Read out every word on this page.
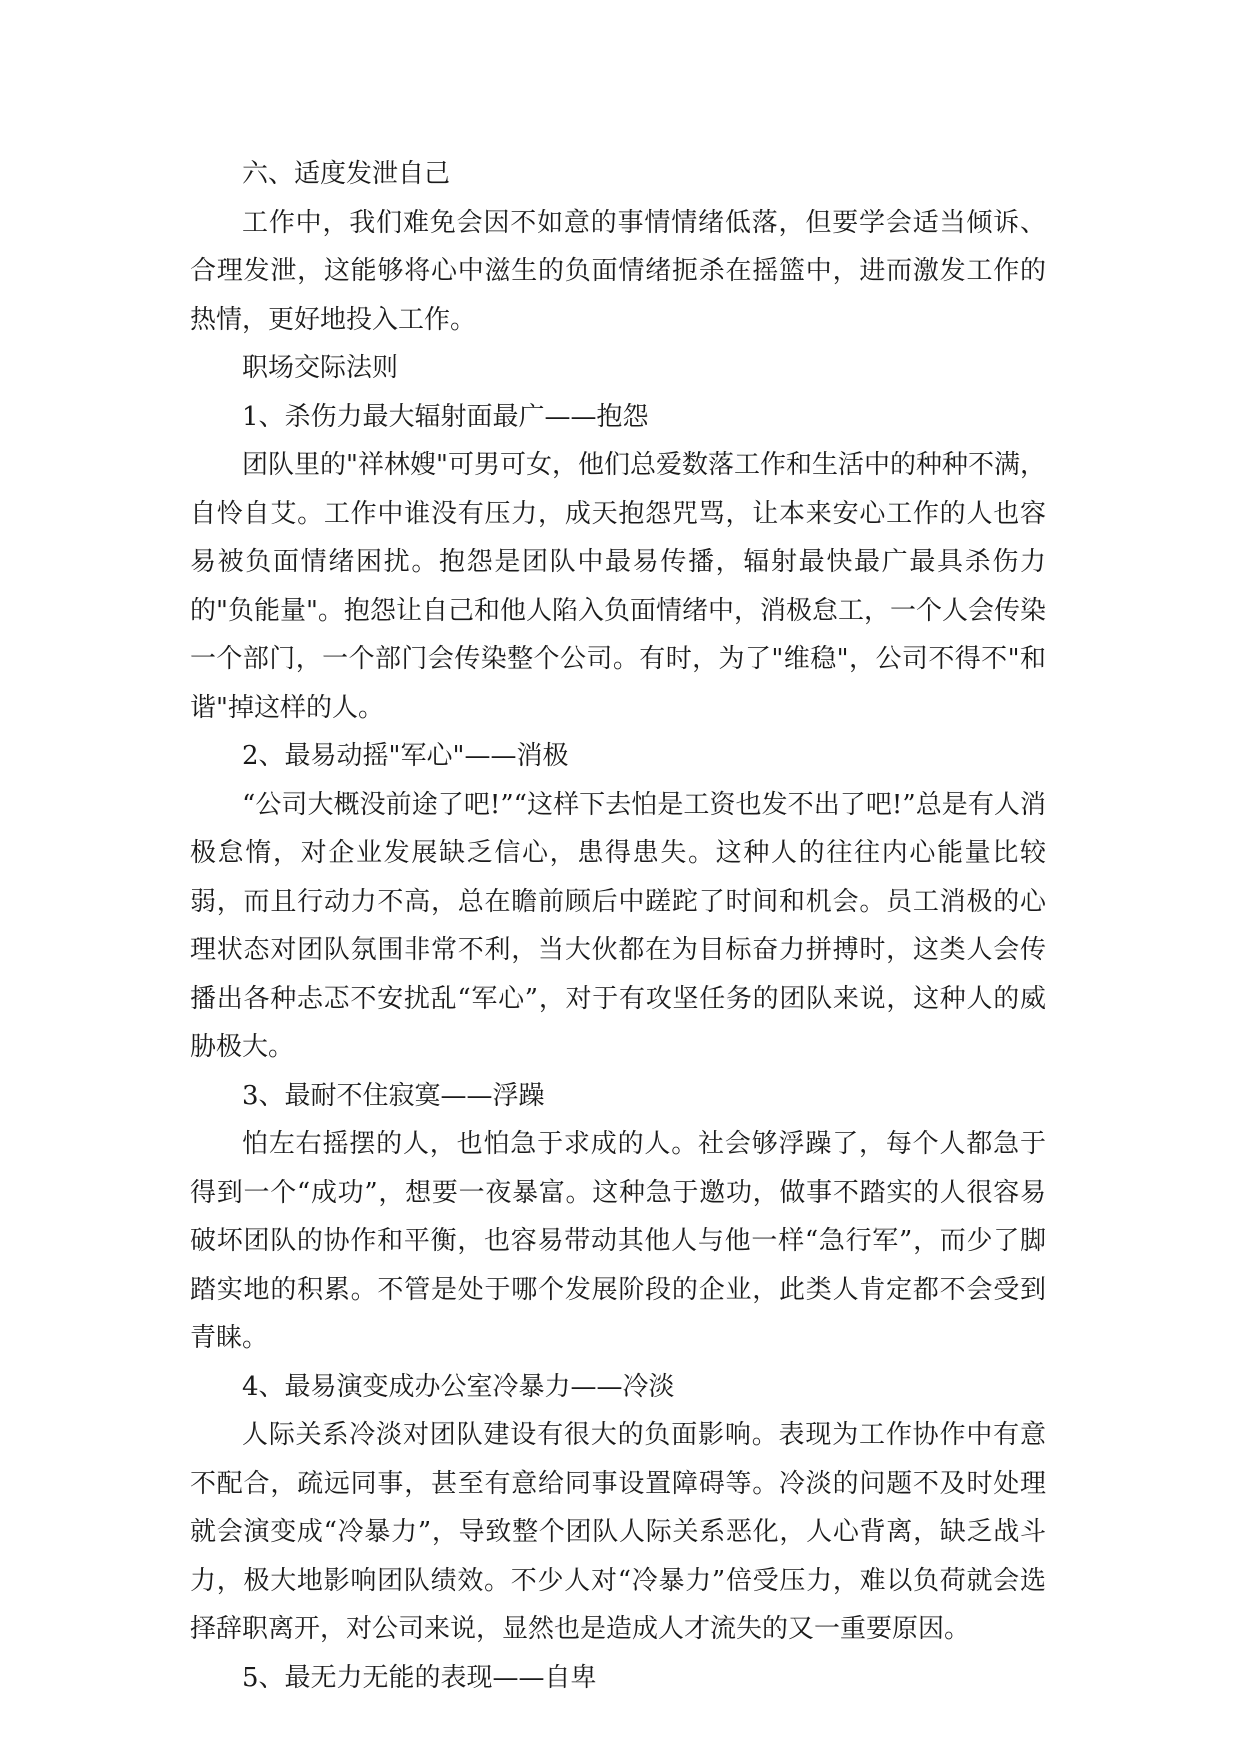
六、适度发泄自己

工作中，我们难免会因不如意的事情情绪低落，但要学会适当倾诉、合理发泄，这能够将心中滋生的负面情绪扼杀在摇篮中，进而激发工作的热情，更好地投入工作。

职场交际法则

1、杀伤力最大辐射面最广——抱怨

团队里的"祥林嫂"可男可女，他们总爱数落工作和生活中的种种不满，自怜自艾。工作中谁没有压力，成天抱怨咒骂，让本来安心工作的人也容易被负面情绪困扰。抱怨是团队中最易传播，辐射最快最广最具杀伤力的"负能量"。抱怨让自己和他人陷入负面情绪中，消极怠工，一个人会传染一个部门，一个部门会传染整个公司。有时，为了"维稳"，公司不得不"和谐"掉这样的人。

2、最易动摇"军心"——消极

“公司大概没前途了吧!”“这样下去怕是工资也发不出了吧!”总是有人消极怠惰，对企业发展缺乏信心，患得患失。这种人的往往内心能量比较弱，而且行动力不高，总在瞻前顾后中蹉跎了时间和机会。员工消极的心理状态对团队氛围非常不利，当大伙都在为目标奋力拼搏时，这类人会传播出各种忐忑不安扰乱“军心”，对于有攻坚任务的团队来说，这种人的威胁极大。

3、最耐不住寂寞——浮躁

怕左右摇摆的人，也怕急于求成的人。社会够浮躁了，每个人都急于得到一个“成功”，想要一夜暴富。这种急于邀功，做事不踏实的人很容易破坏团队的协作和平衡，也容易带动其他人与他一样“急行军”，而少了脚踏实地的积累。不管是处于哪个发展阶段的企业，此类人肯定都不会受到青睐。

4、最易演变成办公室冷暴力——冷淡

人际关系冷淡对团队建设有很大的负面影响。表现为工作协作中有意不配合，疏远同事，甚至有意给同事设置障碍等。冷淡的问题不及时处理就会演变成“冷暴力”，导致整个团队人际关系恶化，人心背离，缺乏战斗力，极大地影响团队绩效。不少人对“冷暴力”倍受压力，难以负荷就会选择辞职离开，对公司来说，显然也是造成人才流失的又一重要原因。

5、最无力无能的表现——自卑
